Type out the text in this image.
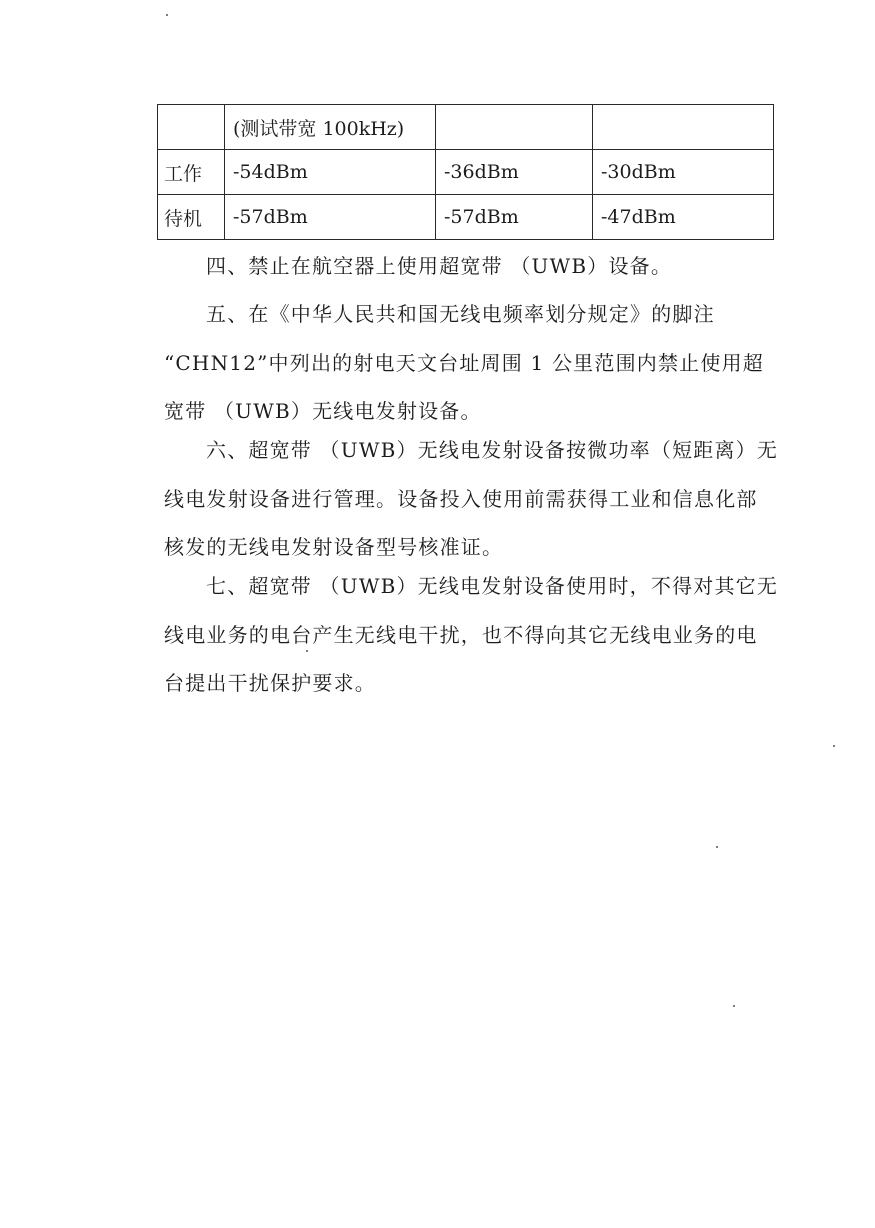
	(测试带宽 100kHz)		
工作	-54dBm	-36dBm	-30dBm
待机	-57dBm	-57dBm	-47dBm

四、禁止在航空器上使用超宽带 （UWB）设备。

五、在《中华人民共和国无线电频率划分规定》的脚注
“CHN12”中列出的射电天文台址周围 1 公里范围内禁止使用超
宽带 （UWB）无线电发射设备。

六、超宽带 （UWB）无线电发射设备按微功率（短距离）无
线电发射设备进行管理。设备投入使用前需获得工业和信息化部
核发的无线电发射设备型号核准证。

七、超宽带 （UWB）无线电发射设备使用时，不得对其它无
线电业务的电台产生无线电干扰，也不得向其它无线电业务的电
台提出干扰保护要求。
